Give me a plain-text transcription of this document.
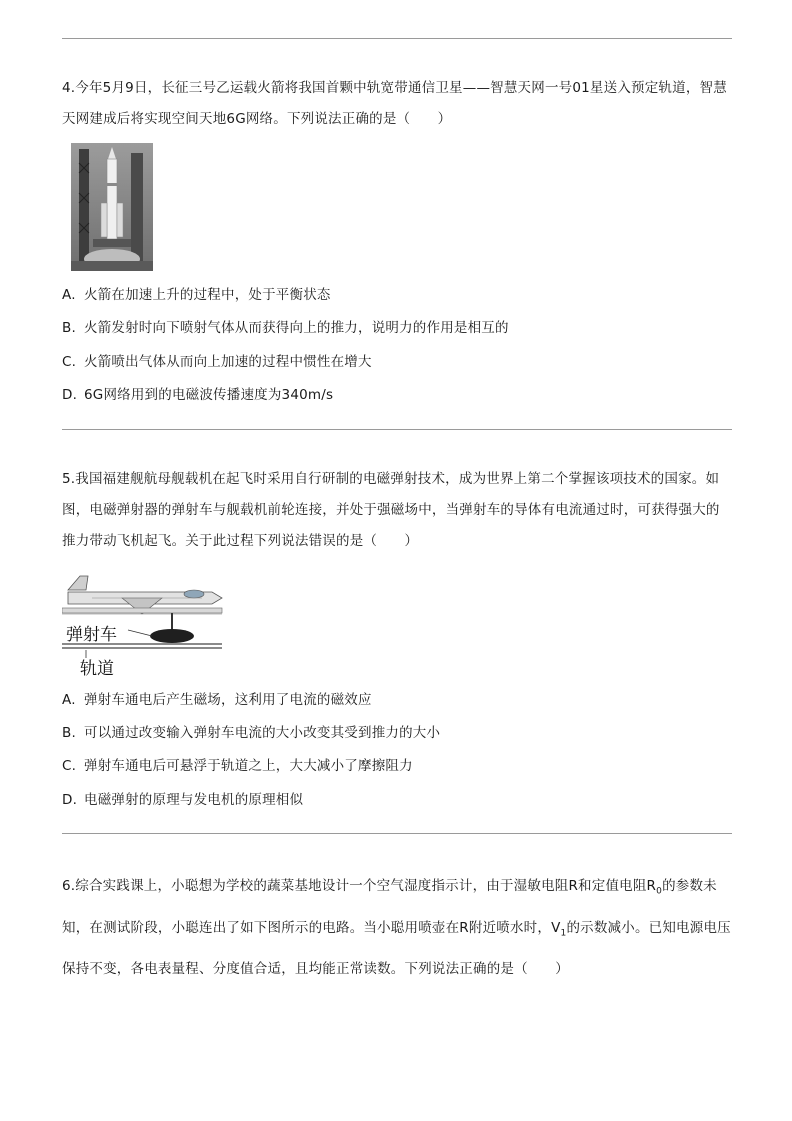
4.今年5月9日，长征三号乙运载火箭将我国首颗中轨宽带通信卫星——智慧天网一号01星送入预定轨道，智慧天网建成后将实现空间天地6G网络。下列说法正确的是（　　）

A. 火箭在加速上升的过程中，处于平衡状态

B. 火箭发射时向下喷射气体从而获得向上的推力，说明力的作用是相互的

C. 火箭喷出气体从而向上加速的过程中惯性在增大

D. 6G网络用到的电磁波传播速度为340m/s

5.我国福建舰航母舰载机在起飞时采用自行研制的电磁弹射技术，成为世界上第二个掌握该项技术的国家。如图，电磁弹射器的弹射车与舰载机前轮连接，并处于强磁场中，当弹射车的导体有电流通过时，可获得强大的推力带动飞机起飞。关于此过程下列说法错误的是（　　）

弹射车
轨道

A. 弹射车通电后产生磁场，这利用了电流的磁效应

B. 可以通过改变输入弹射车电流的大小改变其受到推力的大小

C. 弹射车通电后可悬浮于轨道之上，大大减小了摩擦阻力

D. 电磁弹射的原理与发电机的原理相似

6.综合实践课上，小聪想为学校的蔬菜基地设计一个空气湿度指示计，由于湿敏电阻R和定值电阻$R_0$的参数未知，在测试阶段，小聪连出了如下图所示的电路。当小聪用喷壶在R附近喷水时，$V_1$的示数减小。已知电源电压保持不变，各电表量程、分度值合适，且均能正常读数。下列说法正确的是（　　）
